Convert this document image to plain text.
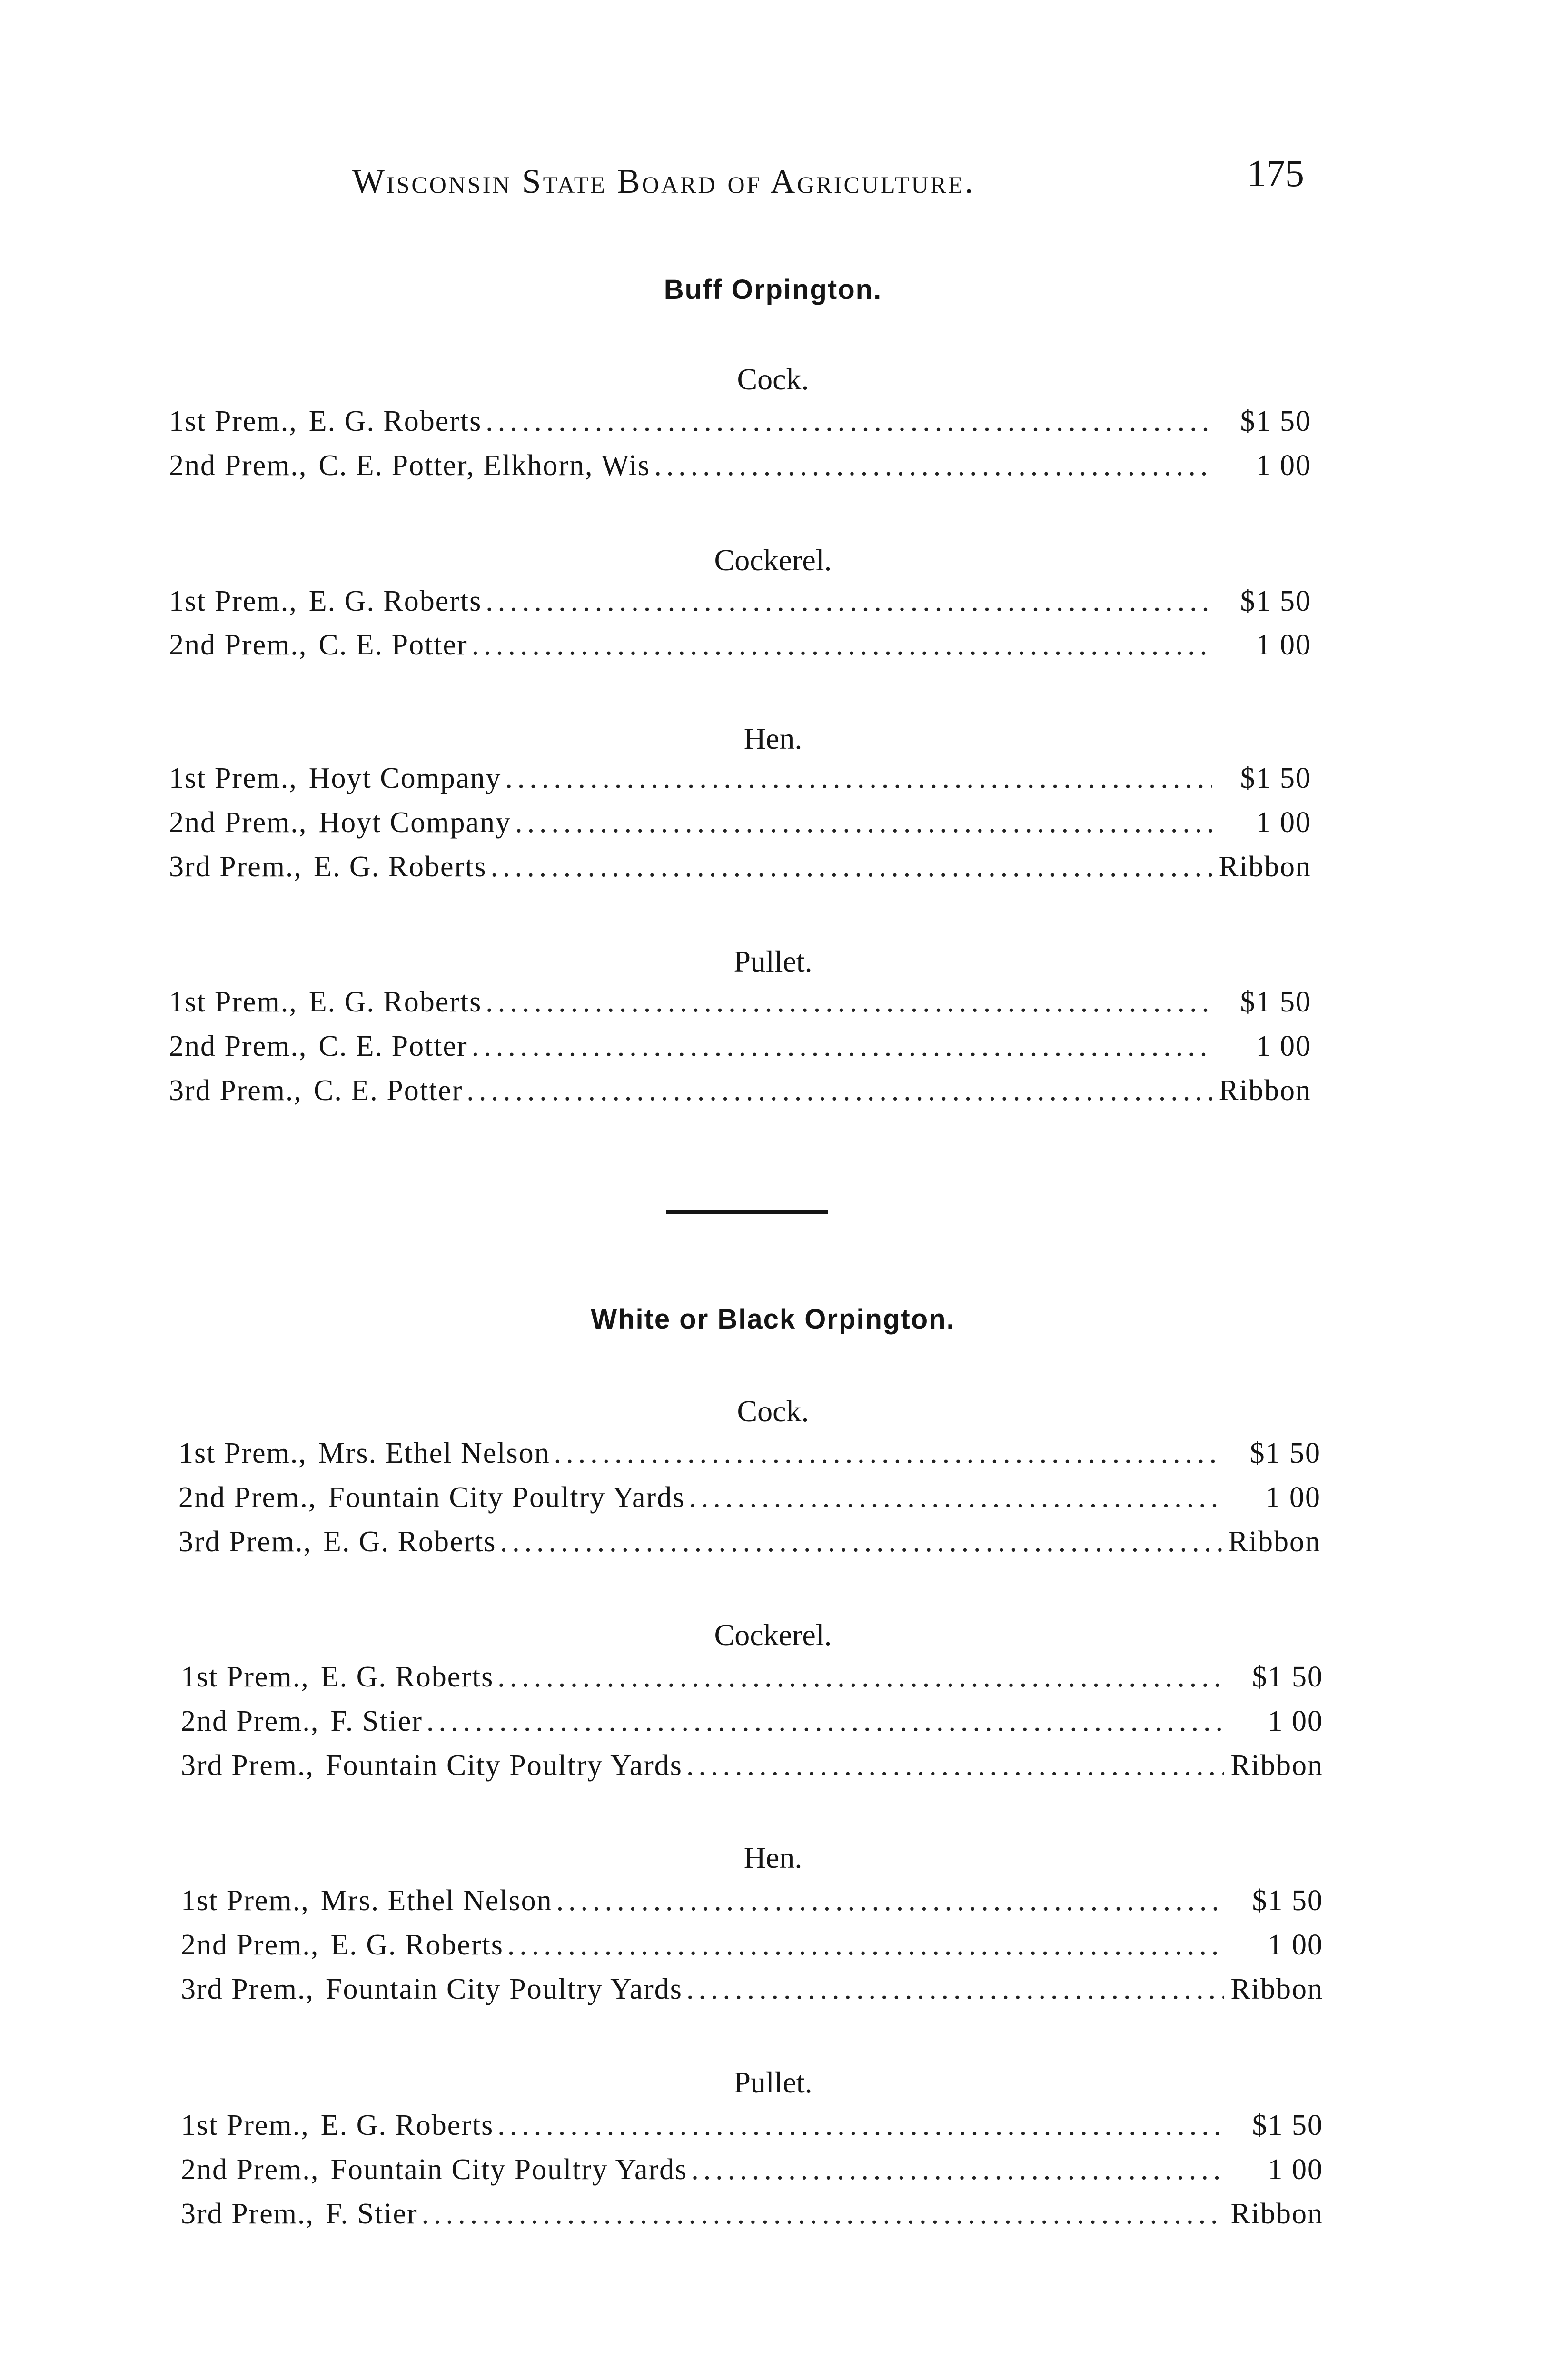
Wisconsin State Board of Agriculture.	175
Buff Orpington.
Cock.
1st Prem. , E. G. Roberts .....	$1 50
2nd Prem. , C. E. Potter, Elkhorn, Wis .....	1 00
Cockerel.
1st Prem. , E. G. Roberts .....	$1 50
2nd Prem. , C. E. Potter .....	1 00
Hen.
1st Prem. , Hoyt Company .....	$1 50
2nd Prem. , Hoyt Company .....	1 00
3rd Prem. , E. G. Roberts .....	Ribbon
Pullet.
1st Prem. , E. G. Roberts .....	$1 50
2nd Prem. , C. E. Potter .....	1 00
3rd Prem. , C. E. Potter .....	Ribbon
White or Black Orpington.
Cock.
1st Prem. , Mrs. Ethel Nelson .....	$1 50
2nd Prem. , Fountain City Poultry Yards .....	1 00
3rd Prem. , E. G. Roberts .....	Ribbon
Cockerel.
1st Prem. , E. G. Roberts .....	$1 50
2nd Prem. , F. Stier .....	1 00
3rd Prem. , Fountain City Poultry Yards .....	Ribbon
Hen.
1st Prem. , Mrs. Ethel Nelson .....	$1 50
2nd Prem. , E. G. Roberts .....	1 00
3rd Prem. , Fountain City Poultry Yards .....	Ribbon
Pullet.
1st Prem. , E. G. Roberts .....	$1 50
2nd Prem. , Fountain City Poultry Yards .....	1 00
3rd Prem. , F. Stier .....	Ribbon
